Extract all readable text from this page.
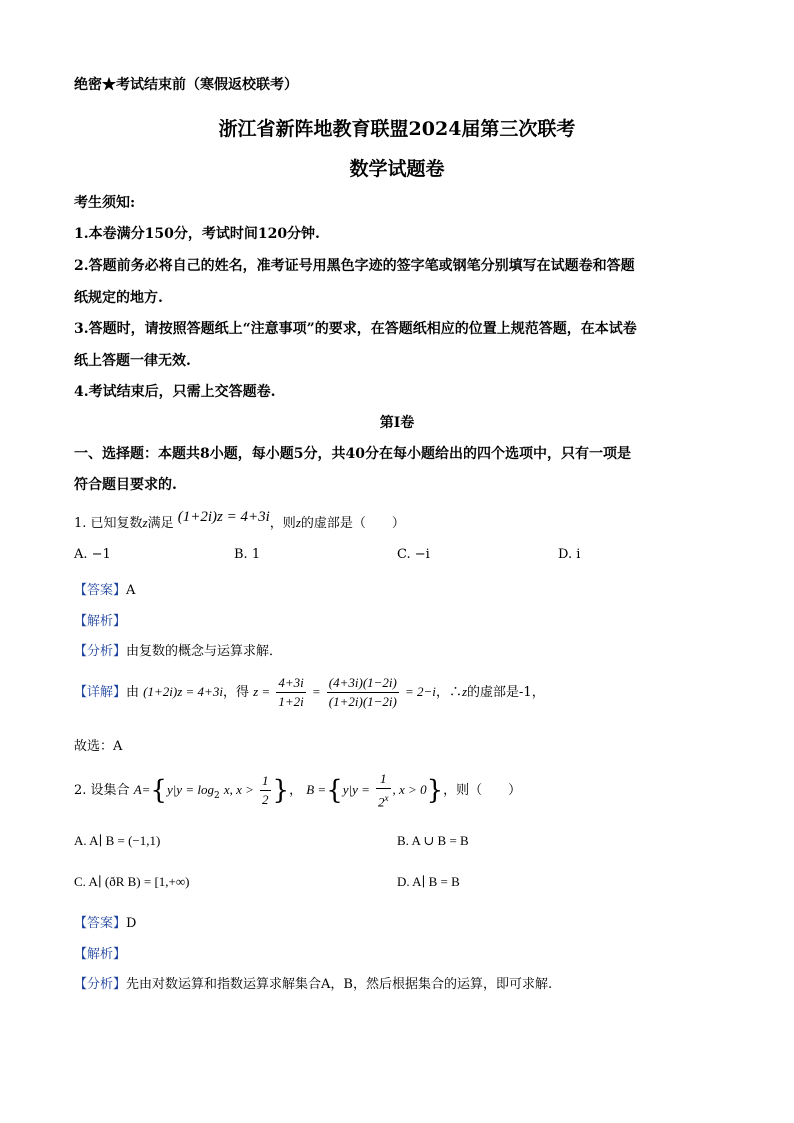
绝密★考试结束前（寒假返校联考）
浙江省新阵地教育联盟2024届第三次联考
数学试题卷
考生须知:
1.本卷满分150分，考试时间120分钟.
2.答题前务必将自己的姓名，准考证号用黑色字迹的签字笔或钢笔分别填写在试题卷和答题
纸规定的地方.
3.答题时，请按照答题纸上“注意事项”的要求，在答题纸相应的位置上规范答题，在本试卷
纸上答题一律无效.
4.考试结束后，只需上交答题卷.
第I卷
一、选择题：本题共8小题，每小题5分，共40分在每小题给出的四个选项中，只有一项是
符合题目要求的.
1. 已知复数z满足 (1+2i)z = 4+3i，则z的虚部是（　　）
A. −1	B. 1	C. −i	D. i
【答案】A
【解析】
【分析】由复数的概念与运算求解．
【详解】由 (1+2i)z = 4+3i，得 $z = \frac{4+3i}{1+2i} = \frac{(4+3i)(1-2i)}{(1+2i)(1-2i)} = 2-i$，∴z的虚部是-1，
故选：A
2. 设集合 $A=\{y|y = \log_2 x$, $x > \frac{1}{2}$ }， $B =\{y|y = \frac{1}{2^x}$ , x > 0}，则（　　）
A. A∣ B = (−1,1)	B. A ∪ B = B
C. A∣ (ðR B) = [1,+∞)	D. A∣ B = B
【答案】D
【解析】
【分析】先由对数运算和指数运算求解集合A，B，然后根据集合的运算，即可求解.
